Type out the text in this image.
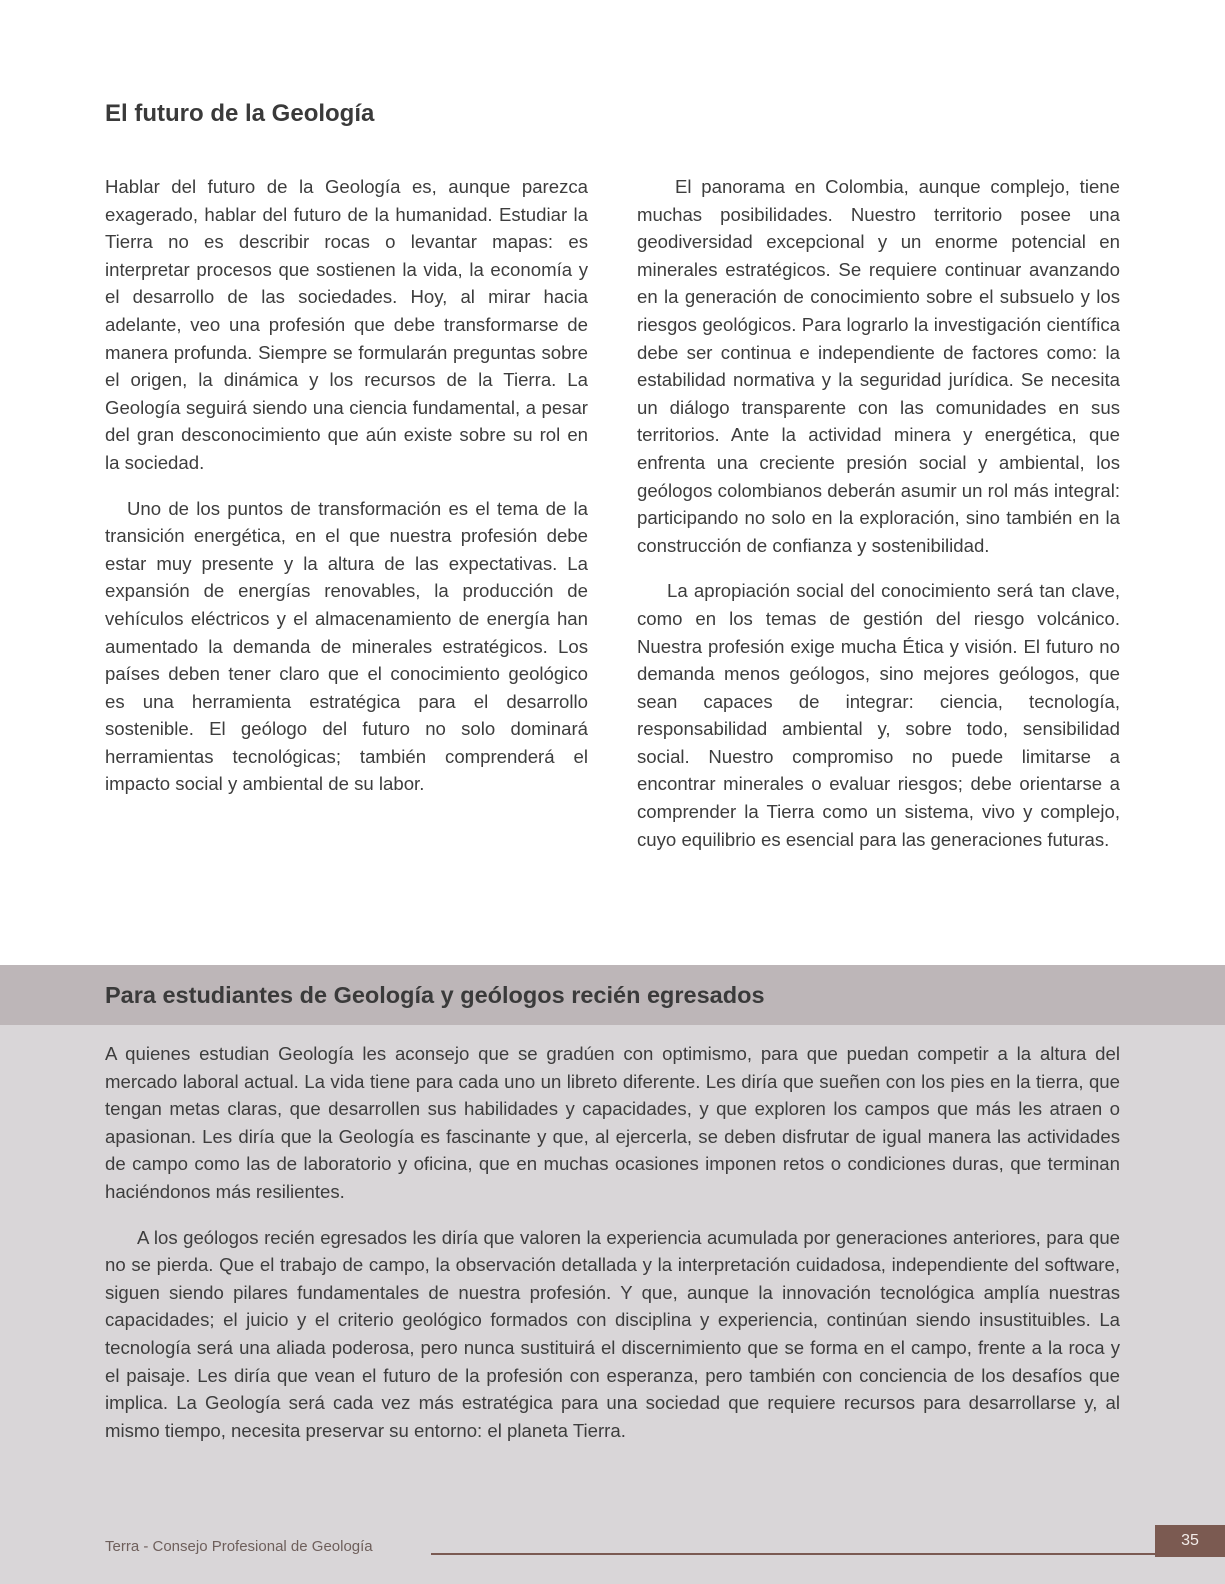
El futuro de la Geología

Hablar del futuro de la Geología es, aunque parezca exagerado, hablar del futuro de la humanidad. Estudiar la Tierra no es describir rocas o levantar mapas: es interpretar procesos que sostienen la vida, la economía y el desarrollo de las sociedades. Hoy, al mirar hacia adelante, veo una profesión que debe transformarse de manera profunda. Siempre se formularán preguntas sobre el origen, la dinámica y los recursos de la Tierra. La Geología seguirá siendo una ciencia fundamental, a pesar del gran desconocimiento que aún existe sobre su rol en la sociedad.

Uno de los puntos de transformación es el tema de la transición energética, en el que nuestra profesión debe estar muy presente y la altura de las expectativas. La expansión de energías renovables, la producción de vehículos eléctricos y el almacenamiento de energía han aumentado la demanda de minerales estratégicos. Los países deben tener claro que el conocimiento geológico es una herramienta estratégica para el desarrollo sostenible. El geólogo del futuro no solo dominará herramientas tecnológicas; también comprenderá el impacto social y ambiental de su labor.

El panorama en Colombia, aunque complejo, tiene muchas posibilidades. Nuestro territorio posee una geodiversidad excepcional y un enorme potencial en minerales estratégicos. Se requiere continuar avanzando en la generación de conocimiento sobre el subsuelo y los riesgos geológicos. Para lograrlo la investigación científica debe ser continua e independiente de factores como: la estabilidad normativa y la seguridad jurídica. Se necesita un diálogo transparente con las comunidades en sus territorios. Ante la actividad minera y energética, que enfrenta una creciente presión social y ambiental, los geólogos colombianos deberán asumir un rol más integral: participando no solo en la exploración, sino también en la construcción de confianza y sostenibilidad.

La apropiación social del conocimiento será tan clave, como en los temas de gestión del riesgo volcánico. Nuestra profesión exige mucha Ética y visión. El futuro no demanda menos geólogos, sino mejores geólogos, que sean capaces de integrar: ciencia, tecnología, responsabilidad ambiental y, sobre todo, sensibilidad social. Nuestro compromiso no puede limitarse a encontrar minerales o evaluar riesgos; debe orientarse a comprender la Tierra como un sistema, vivo y complejo, cuyo equilibrio es esencial para las generaciones futuras.

Para estudiantes de Geología y geólogos recién egresados

A quienes estudian Geología les aconsejo que se gradúen con optimismo, para que puedan competir a la altura del mercado laboral actual. La vida tiene para cada uno un libreto diferente. Les diría que sueñen con los pies en la tierra, que tengan metas claras, que desarrollen sus habilidades y capacidades, y que exploren los campos que más les atraen o apasionan. Les diría que la Geología es fascinante y que, al ejercerla, se deben disfrutar de igual manera las actividades de campo como las de laboratorio y oficina, que en muchas ocasiones imponen retos o condiciones duras, que terminan haciéndonos más resilientes.

A los geólogos recién egresados les diría que valoren la experiencia acumulada por generaciones anteriores, para que no se pierda. Que el trabajo de campo, la observación detallada y la interpretación cuidadosa, independiente del software, siguen siendo pilares fundamentales de nuestra profesión. Y que, aunque la innovación tecnológica amplía nuestras capacidades; el juicio y el criterio geológico formados con disciplina y experiencia, continúan siendo insustituibles. La tecnología será una aliada poderosa, pero nunca sustituirá el discernimiento que se forma en el campo, frente a la roca y el paisaje. Les diría que vean el futuro de la profesión con esperanza, pero también con conciencia de los desafíos que implica. La Geología será cada vez más estratégica para una sociedad que requiere recursos para desarrollarse y, al mismo tiempo, necesita preservar su entorno: el planeta Tierra.

Terra - Consejo Profesional de Geología	35
